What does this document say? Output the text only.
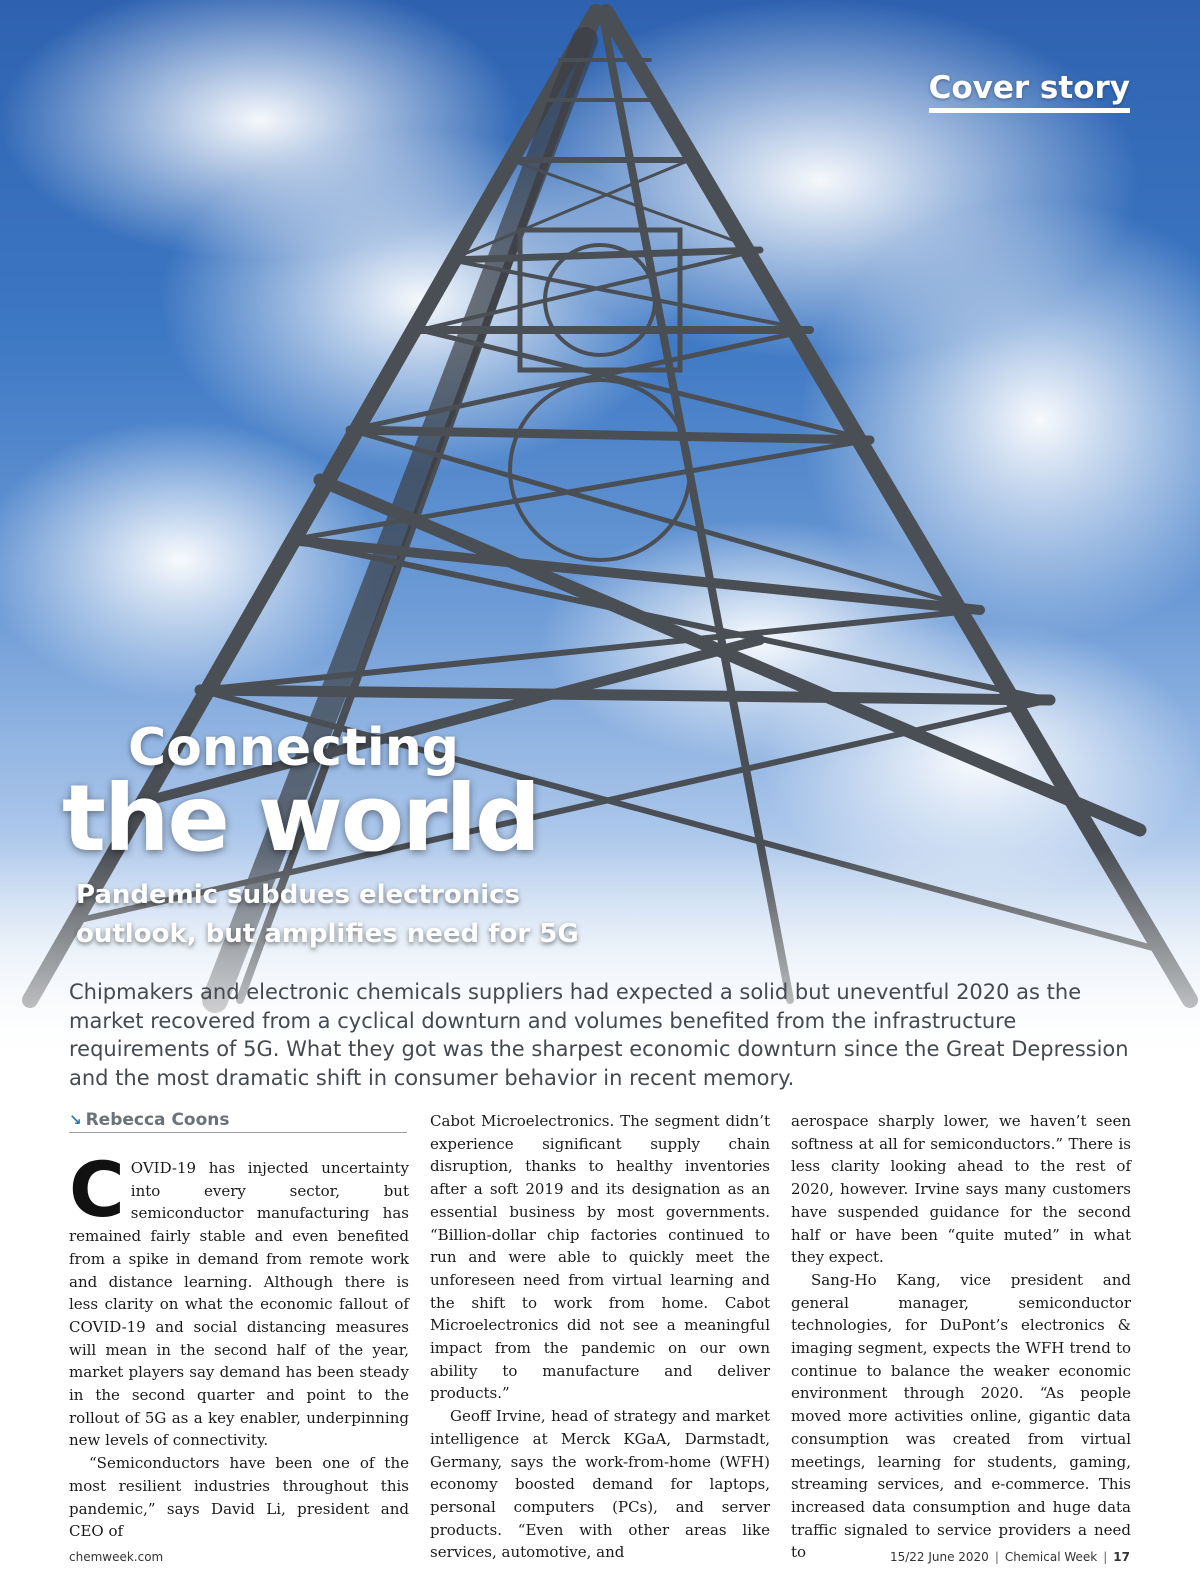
Cover story
Connecting
the world
Pandemic subdues electronics outlook, but amplifies need for 5G

Chipmakers and electronic chemicals suppliers had expected a solid but uneventful 2020 as the market recovered from a cyclical downturn and volumes benefited from the infrastructure requirements of 5G. What they got was the sharpest economic downturn since the Great Depression and the most dramatic shift in consumer behavior in recent memory.

↘ Rebecca Coons

COVID-19 has injected uncertainty into every sector, but semiconductor manufacturing has remained fairly stable and even benefited from a spike in demand from remote work and distance learning. Although there is less clarity on what the economic fallout of COVID-19 and social distancing measures will mean in the second half of the year, market players say demand has been steady in the second quarter and point to the rollout of 5G as a key enabler, underpinning new levels of connectivity.

“Semiconductors have been one of the most resilient industries throughout this pandemic,” says David Li, president and CEO of

Cabot Microelectronics. The segment didn’t experience significant supply chain disruption, thanks to healthy inventories after a soft 2019 and its designation as an essential business by most governments. “Billion-dollar chip factories continued to run and were able to quickly meet the unforeseen need from virtual learning and the shift to work from home. Cabot Microelectronics did not see a meaningful impact from the pandemic on our own ability to manufacture and deliver products.”

Geoff Irvine, head of strategy and market intelligence at Merck KGaA, Darmstadt, Germany, says the work-from-home (WFH) economy boosted demand for laptops, personal computers (PCs), and server products. “Even with other areas like services, automotive, and

aerospace sharply lower, we haven’t seen softness at all for semiconductors.” There is less clarity looking ahead to the rest of 2020, however. Irvine says many customers have suspended guidance for the second half or have been “quite muted” in what they expect.

Sang-Ho Kang, vice president and general manager, semiconductor technologies, for DuPont’s electronics & imaging segment, expects the WFH trend to continue to balance the weaker economic environment through 2020. “As people moved more activities online, gigantic data consumption was created from virtual meetings, learning for students, gaming, streaming services, and e-commerce. This increased data consumption and huge data traffic signaled to service providers a need to

chemweek.com	15/22 June 2020 | Chemical Week | 17
